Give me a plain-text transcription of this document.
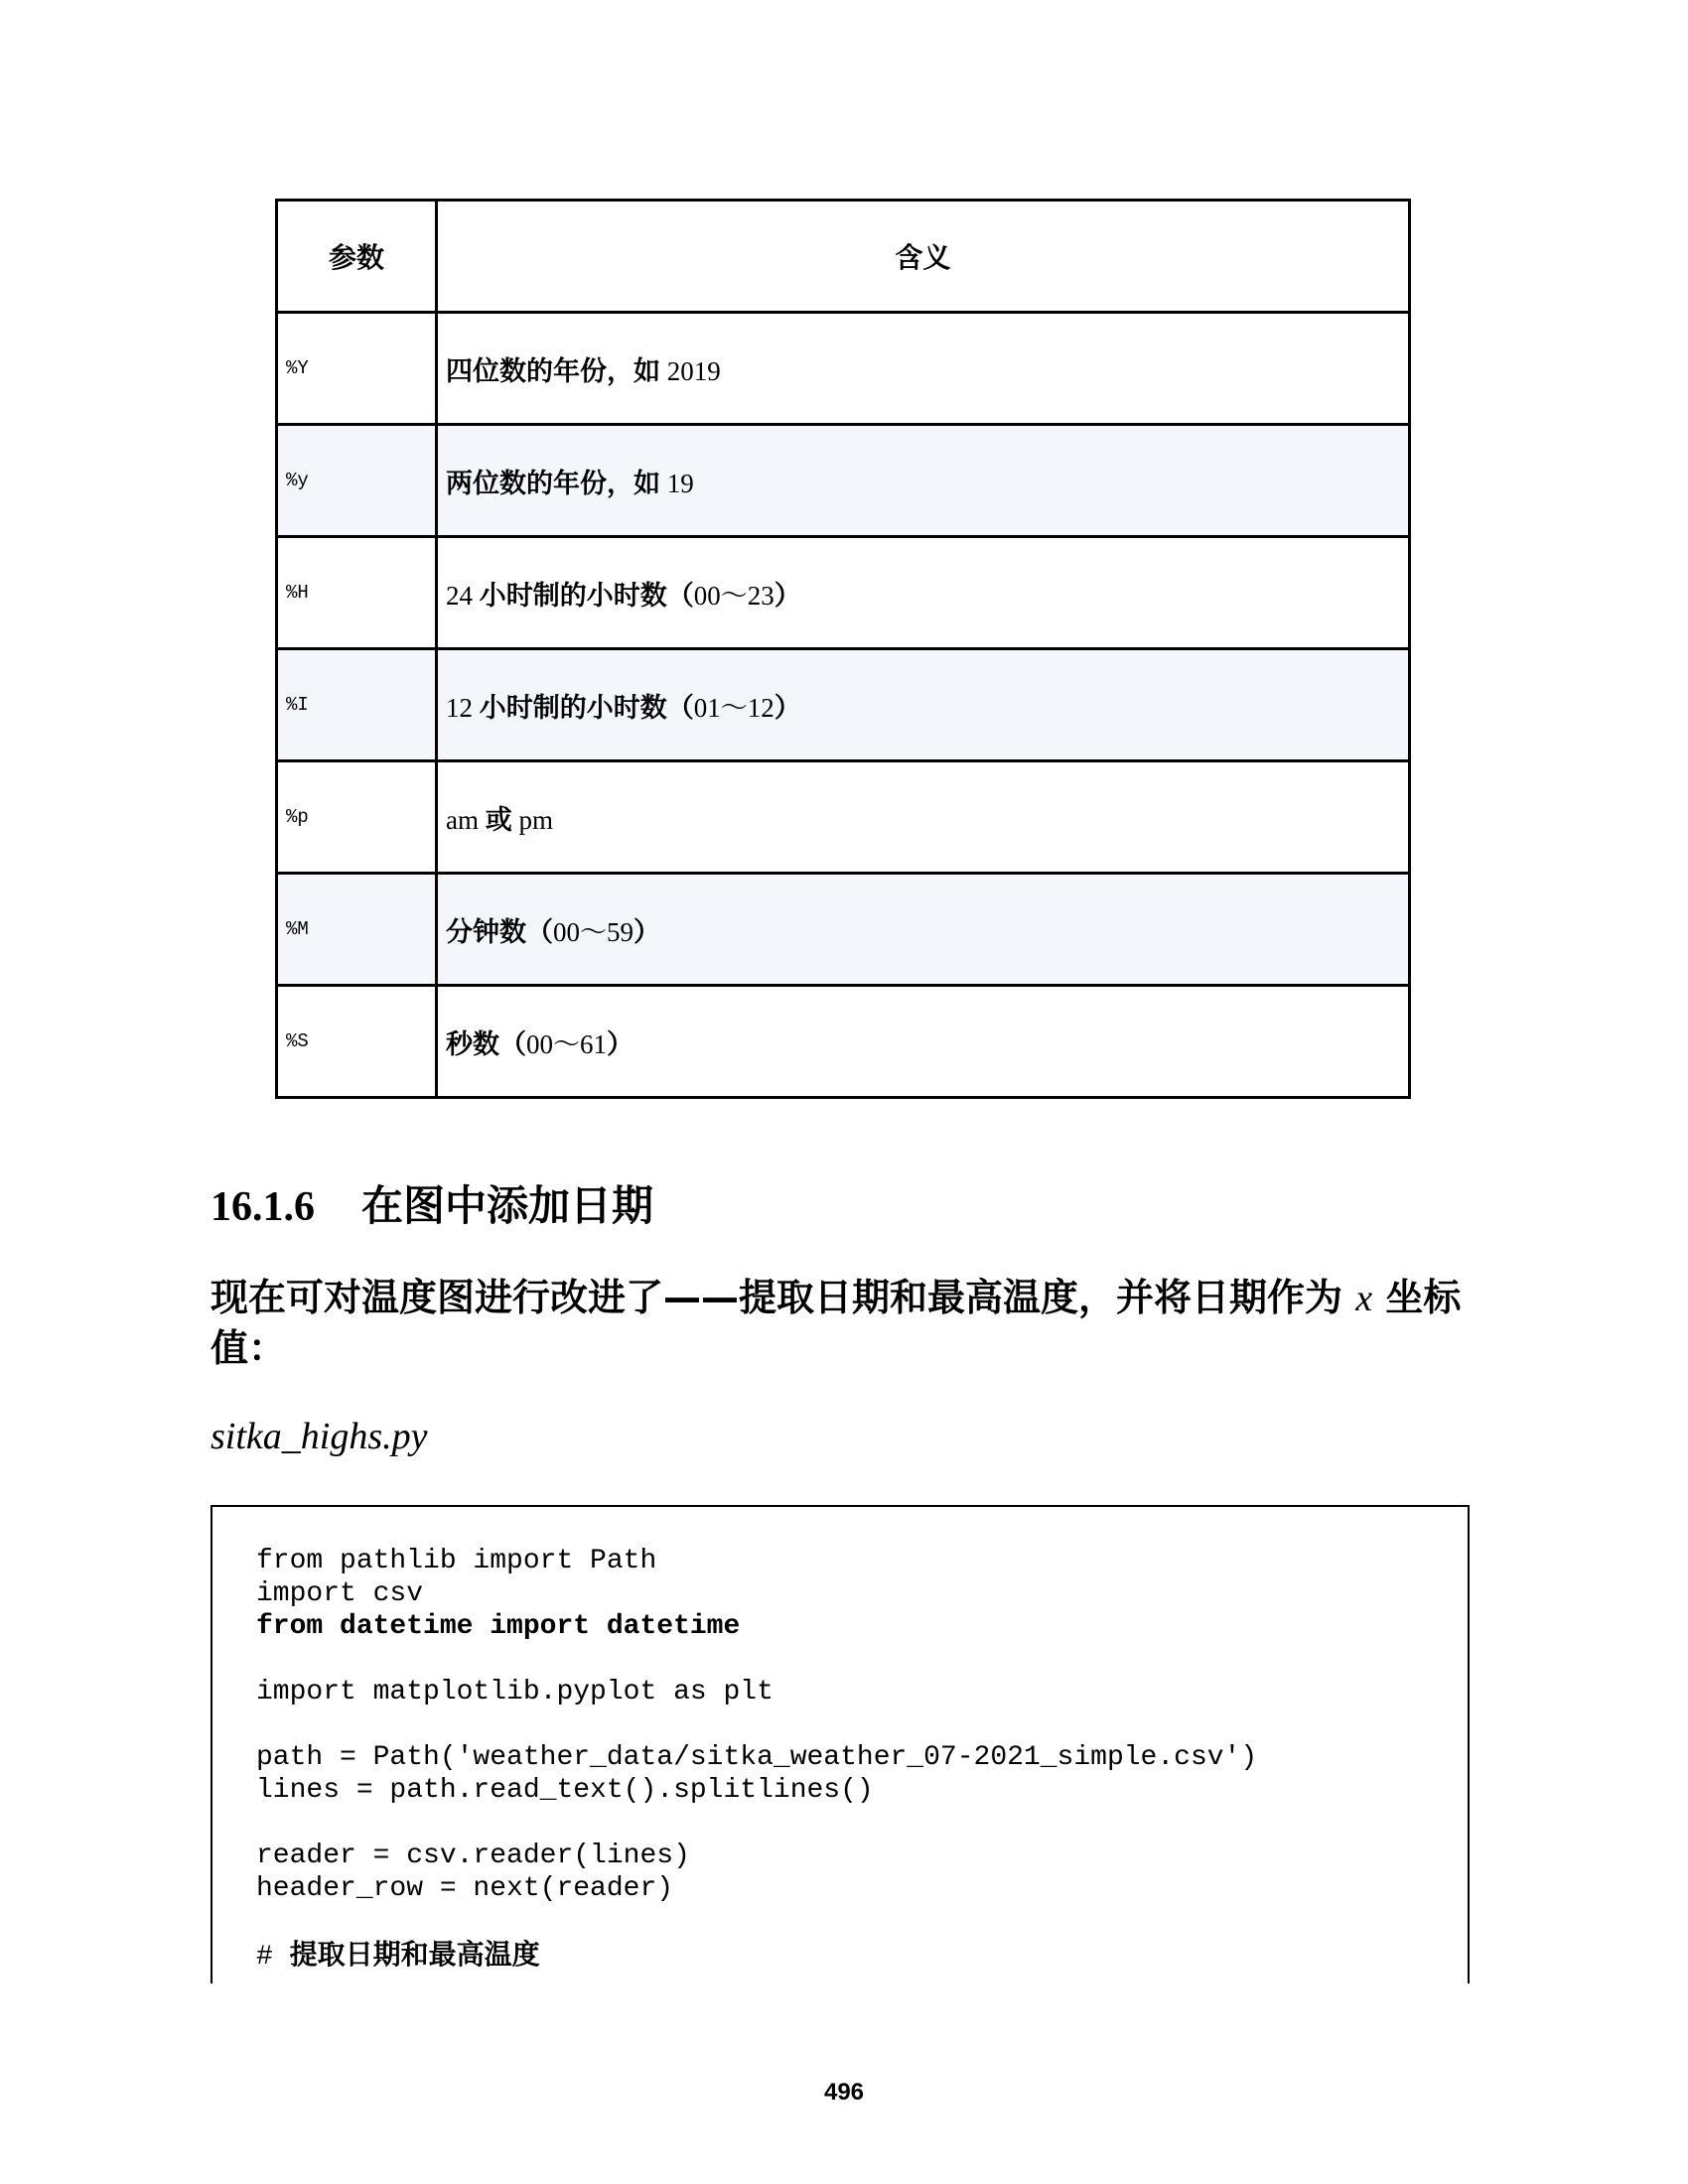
参数	含义
%Y	四位数的年份，如 2019
%y	两位数的年份，如 19
%H	24 小时制的小时数（00～23）
%I	12 小时制的小时数（01～12）
%p	am 或 pm
%M	分钟数（00～59）
%S	秒数（00～61）
16.1.6 在图中添加日期
现在可对温度图进行改进了——提取日期和最高温度，并将日期作为 x 坐标值：
sitka_highs.py
from pathlib import Path
import csv
from datetime import datetime
import matplotlib.pyplot as plt
path = Path('weather_data/sitka_weather_07-2021_simple.csv')
lines = path.read_text().splitlines()
reader = csv.reader(lines)
header_row = next(reader)
# 提取日期和最高温度
496
